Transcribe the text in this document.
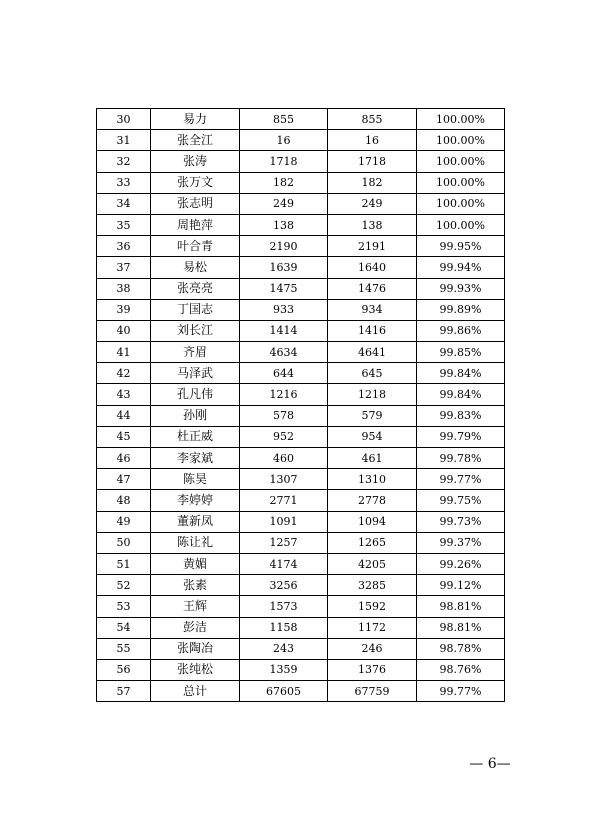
30	易力	855	855	100.00%
31	张全江	16	16	100.00%
32	张涛	1718	1718	100.00%
33	张万文	182	182	100.00%
34	张志明	249	249	100.00%
35	周艳萍	138	138	100.00%
36	叶合青	2190	2191	99.95%
37	易松	1639	1640	99.94%
38	张亮亮	1475	1476	99.93%
39	丁国志	933	934	99.89%
40	刘长江	1414	1416	99.86%
41	齐眉	4634	4641	99.85%
42	马泽武	644	645	99.84%
43	孔凡伟	1216	1218	99.84%
44	孙刚	578	579	99.83%
45	杜正威	952	954	99.79%
46	李家斌	460	461	99.78%
47	陈昊	1307	1310	99.77%
48	李婷婷	2771	2778	99.75%
49	董新凤	1091	1094	99.73%
50	陈让礼	1257	1265	99.37%
51	黄媚	4174	4205	99.26%
52	张素	3256	3285	99.12%
53	王辉	1573	1592	98.81%
54	彭洁	1158	1172	98.81%
55	张陶冶	243	246	98.78%
56	张纯松	1359	1376	98.76%
57	总计	67605	67759	99.77%
— 6—
